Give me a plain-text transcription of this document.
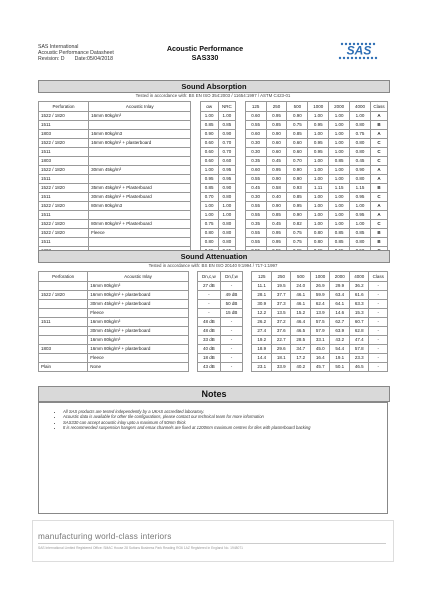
SAS International
Acoustic Performance Datasheet
Revision: D Date:05/04/2018
Acoustic Performance
SAS330	SAS
Sound Absorption
Tested in accordance with: BS EN ISO 354:2003 / 11654:1997 / ASTM C423-01
Perforation	Acoustic Inlay		αw	NRC		125	250	500	1000	2000	4000	Class
1522 / 1820	16mm 80kg/m³		1.00	1.00		0.60	0.95	0.90	1.00	1.00	1.00	A
1511			0.85	0.85		0.55	0.85	0.75	0.95	1.00	0.80	B
1803	16mm 80kg/m3		0.90	0.90		0.60	0.90	0.85	1.00	1.00	0.75	A
1522 / 1820	16mm 80kg/m² + plasterboard		0.60	0.70		0.30	0.60	0.60	0.95	1.00	0.80	C
1511			0.60	0.70		0.30	0.60	0.60	0.95	1.00	0.80	C
1803			0.60	0.60		0.35	0.45	0.70	1.00	0.85	0.45	C
1522 / 1820	30mm 45kg/m³		1.00	0.95		0.60	0.95	0.90	1.00	1.00	0.90	A
1511			0.95	0.95		0.55	0.90	0.90	1.00	1.00	0.80	A
1522 / 1820	35mm 45kg/m² + Plasterboard		0.85	0.90		0.45	0.58	0.93	1.11	1.15	1.15	B
1511	30mm 45kg/m² + Plasterboard		0.70	0.80		0.30	0.40	0.85	1.00	1.00	0.95	C
1522 / 1820	80mm 80kg/m3		1.00	1.00		0.55	0.90	0.95	1.00	1.00	1.00	A
1511			1.00	1.00		0.55	0.85	0.90	1.00	1.00	0.95	A
1522 / 1820	80mm 80kg/m² + Plasterboard		0.75	0.80		0.35	0.45	0.82	1.00	1.00	1.00	C
1522 / 1820	Fleece		0.80	0.80		0.55	0.95	0.75	0.80	0.85	0.85	B
1511			0.80	0.80		0.55	0.95	0.75	0.80	0.85	0.80	B

Sound Attenuation
Tested in accordance with: BS EN ISO 20140 9:1994 / 717-1:1997
Perforation	Acoustic Inlay		Dn,c,w	Dn,f,w		125	250	500	1000	2000	4000	Class
	16mm 80kg/m³		27 dB	-		11.1	19.5	24.0	26.9	29.9	36.2	-
1522 / 1820	16mm 80kg/m² + plasterboard		-	49 dB		28.1	37.7	46.1	59.9	63.4	61.6	-
	30mm 45kg/m² + plasterboard		-	50 dB		30.9	37.3	46.1	62.4	64.1	63.3	-
	Fleece		-	15 dB		12.2	13.5	15.2	13.9	14.6	15.3	-
1511	16mm 80kg/m³		48 dB	-		26.2	37.2	46.4	57.5	62.7	60.7	-
	30mm 45kg/m² + plasterboard		48 dB	-		27.4	37.6	46.5	57.9	63.9	62.8	-
	16mm 80kg/m³		33 dB	-		19.2	22.7	28.5	33.1	43.2	47.4	-
1803	16mm 80kg/m² + plasterboard		40 dB	-		18.9	29.6	34.7	45.0	54.4	57.8	-
	Fleece		18 dB	-		14.4	18.1	17.2	16.4	19.1	23.3	-
Plain	None		43 dB	-		23.1	33.9	40.2	45.7	50.1	46.5	-
Notes
• All SAS products are tested independently by a UKAS accredited laboratory.
• Acoustic data is available for other tile configurations, please contact our technical team for more information
• SAS330 can accept acoustic inlay upto a maximum of 50mm thick.
• It is recommended suspension hangers and emax channels are fixed at 1200mm maximum centres for tiles with plasterboard backing
manufacturing world-class interiors
SAS International Limited Registered Office: SMAC House 28 Suttons Business Park Reading RG6 1AZ Registered in England No. 1948071
